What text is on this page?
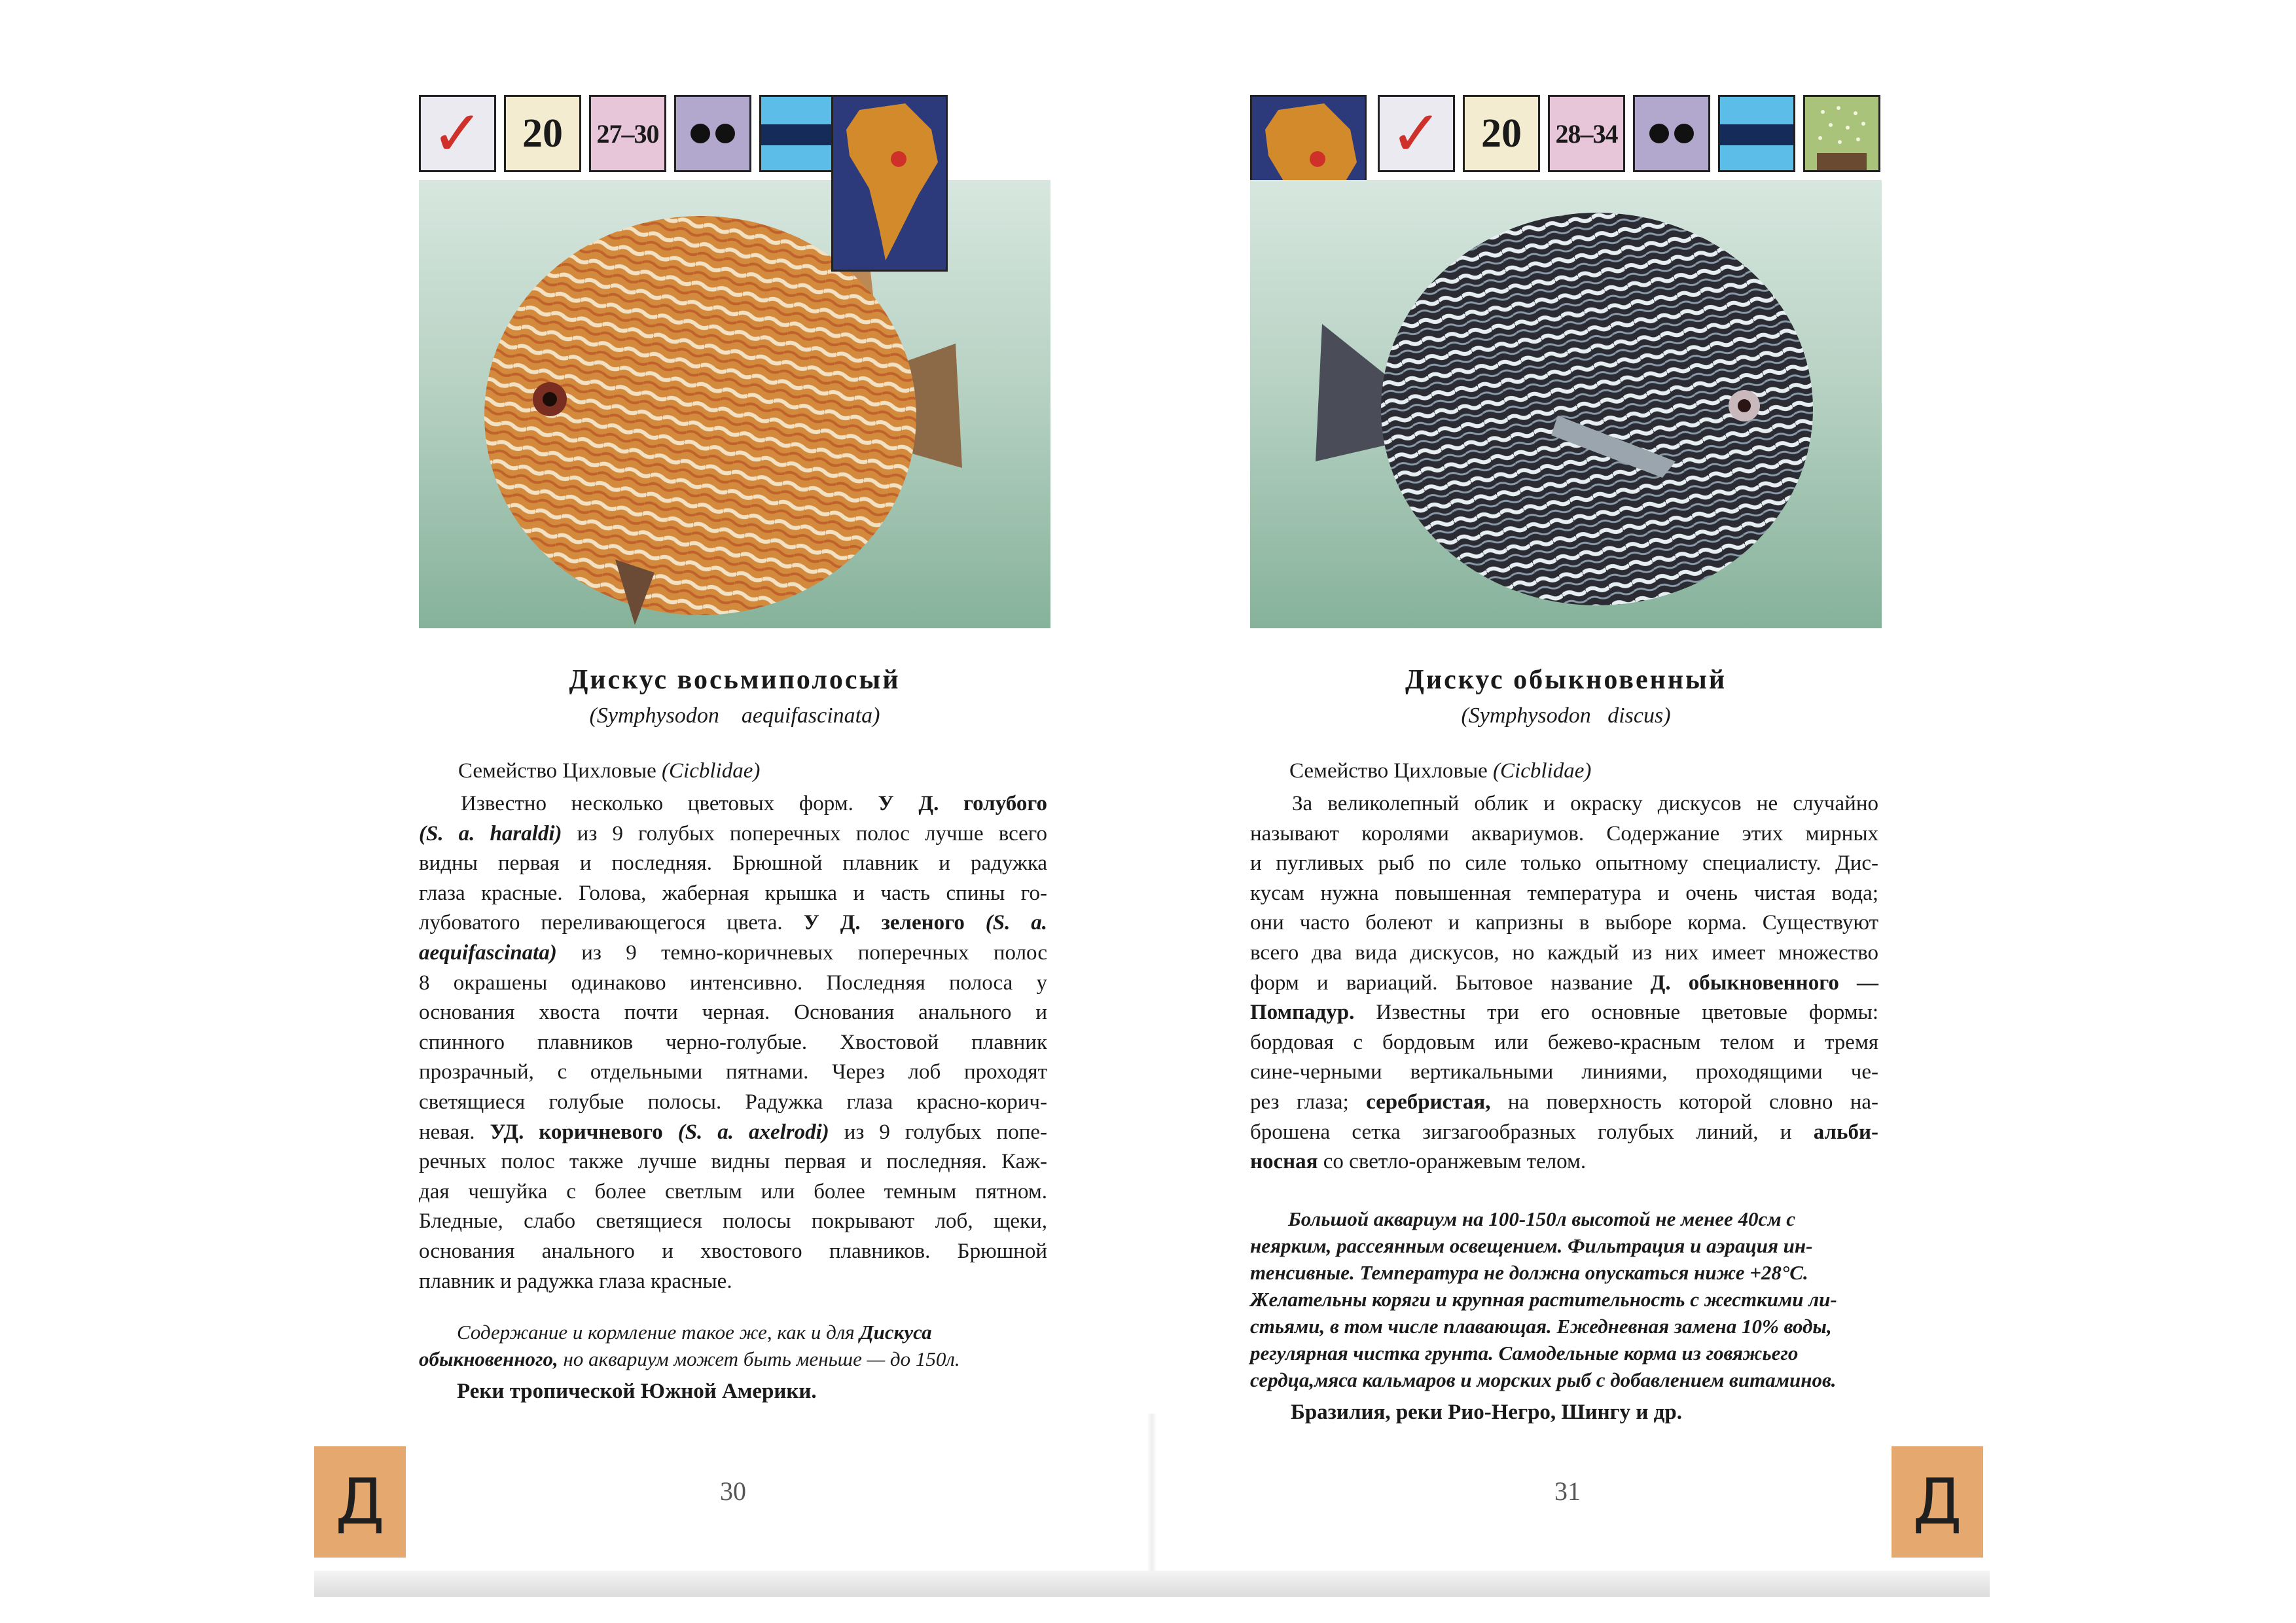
✓ 20	27–30
Дискус восьмиполосый
(Symphysodon    aequifascinata)
Семейство Цихловые (Cicblidae)
Известно несколько цветовых форм. У Д. голубого
(S. a. haraldi) из 9 голубых поперечных полос лучше всего
видны первая и последняя. Брюшной плавник и радужка
глаза красные. Голова, жаберная крышка и часть спины го-
лубоватого переливающегося цвета. У Д. зеленого (S. a.
aequifascinata) из 9 темно-коричневых поперечных полос
8 окрашены одинаково интенсивно. Последняя полоса у
основания хвоста почти черная. Основания анального и
спинного плавников черно-голубые. Хвостовой плавник
прозрачный, с отдельными пятнами. Через лоб проходят
светящиеся голубые полосы. Радужка глаза красно-корич-
невая. УД. коричневого (S. a. axelrodi) из 9 голубых попе-
речных полос также лучше видны первая и последняя. Каж-
дая чешуйка с более светлым или более темным пятном.
Бледные, слабо светящиеся полосы покрывают лоб, щеки,
основания анального и хвостового плавников. Брюшной
плавник и радужка глаза красные.
Содержание и кормление такое же, как и для Дискуса
обыкновенного, но аквариум может быть меньше — до 150л.
Реки тропической Южной Америки.
30
Д
✓ 20	28–34
Дискус обыкновенный
(Symphysodon   discus)
Семейство Цихловые (Cicblidae)
За великолепный облик и окраску дискусов не случайно
называют королями аквариумов. Содержание этих мирных
и пугливых рыб по силе только опытному специалисту. Дис-
кусам нужна повышенная температура и очень чистая вода;
они часто болеют и капризны в выборе корма. Существуют
всего два вида дискусов, но каждый из них имеет множество
форм и вариаций. Бытовое название Д. обыкновенного —
Помпадур. Известны три его основные цветовые формы:
бордовая с бордовым или бежево-красным телом и тремя
сине-черными вертикальными линиями, проходящими че-
рез глаза; серебристая, на поверхность которой словно на-
брошена сетка зигзагообразных голубых линий, и альби-
носная со светло-оранжевым телом.
Большой аквариум на 100-150л высотой не менее 40см с
неярким, рассеянным освещением. Фильтрация и аэрация ин-
тенсивные. Температура не должна опускаться ниже +28°С.
Желательны коряги и крупная растительность с жесткими ли-
стьями, в том числе плавающая. Ежедневная замена 10% воды,
регулярная чистка грунта. Самодельные корма из говяжьего
сердца,мяса кальмаров и морских рыб с добавлением витаминов.
Бразилия, реки Рио-Негро, Шингу и др.
31	Д
